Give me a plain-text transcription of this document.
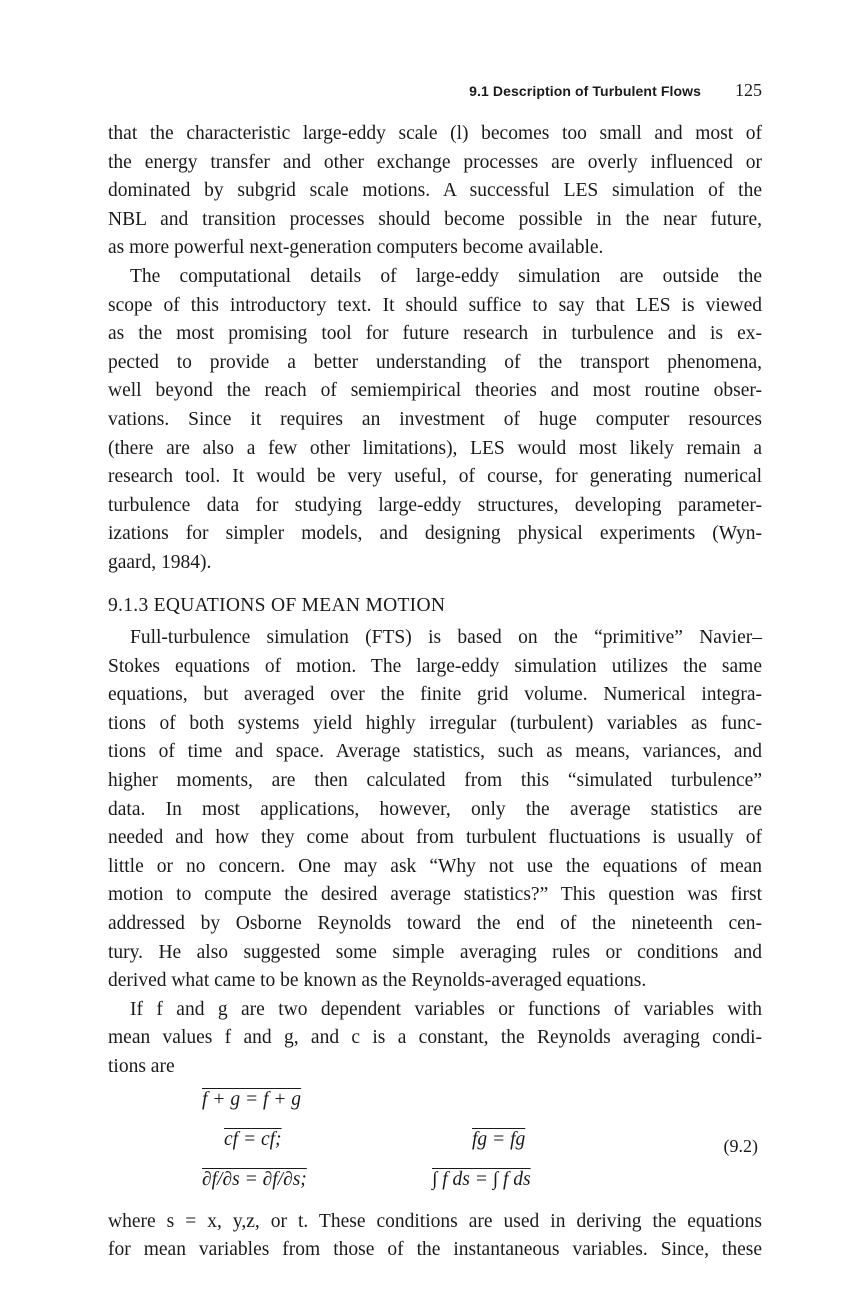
9.1 Description of Turbulent Flows 125
that the characteristic large-eddy scale (l) becomes too small and most of
the energy transfer and other exchange processes are overly influenced or
dominated by subgrid scale motions. A successful LES simulation of the
NBL and transition processes should become possible in the near future,
as more powerful next-generation computers become available.
The computational details of large-eddy simulation are outside the
scope of this introductory text. It should suffice to say that LES is viewed
as the most promising tool for future research in turbulence and is ex-
pected to provide a better understanding of the transport phenomena,
well beyond the reach of semiempirical theories and most routine obser-
vations. Since it requires an investment of huge computer resources
(there are also a few other limitations), LES would most likely remain a
research tool. It would be very useful, of course, for generating numerical
turbulence data for studying large-eddy structures, developing parameter-
izations for simpler models, and designing physical experiments (Wyn-
gaard, 1984).
9.1.3 EQUATIONS OF MEAN MOTION
Full-turbulence simulation (FTS) is based on the “primitive” Navier–
Stokes equations of motion. The large-eddy simulation utilizes the same
equations, but averaged over the finite grid volume. Numerical integra-
tions of both systems yield highly irregular (turbulent) variables as func-
tions of time and space. Average statistics, such as means, variances, and
higher moments, are then calculated from this “simulated turbulence”
data. In most applications, however, only the average statistics are
needed and how they come about from turbulent fluctuations is usually of
little or no concern. One may ask “Why not use the equations of mean
motion to compute the desired average statistics?” This question was first
addressed by Osborne Reynolds toward the end of the nineteenth cen-
tury. He also suggested some simple averaging rules or conditions and
derived what came to be known as the Reynolds-averaged equations.
If f and g are two dependent variables or functions of variables with
mean values f and g, and c is a constant, the Reynolds averaging condi-
tions are
f + g = f + g
cf = cf;	fg = fg
∂f/∂s = ∂f/∂s;	∫ f ds = ∫ f ds
(9.2)
where s = x, y,z, or t. These conditions are used in deriving the equations
for mean variables from those of the instantaneous variables. Since, these
